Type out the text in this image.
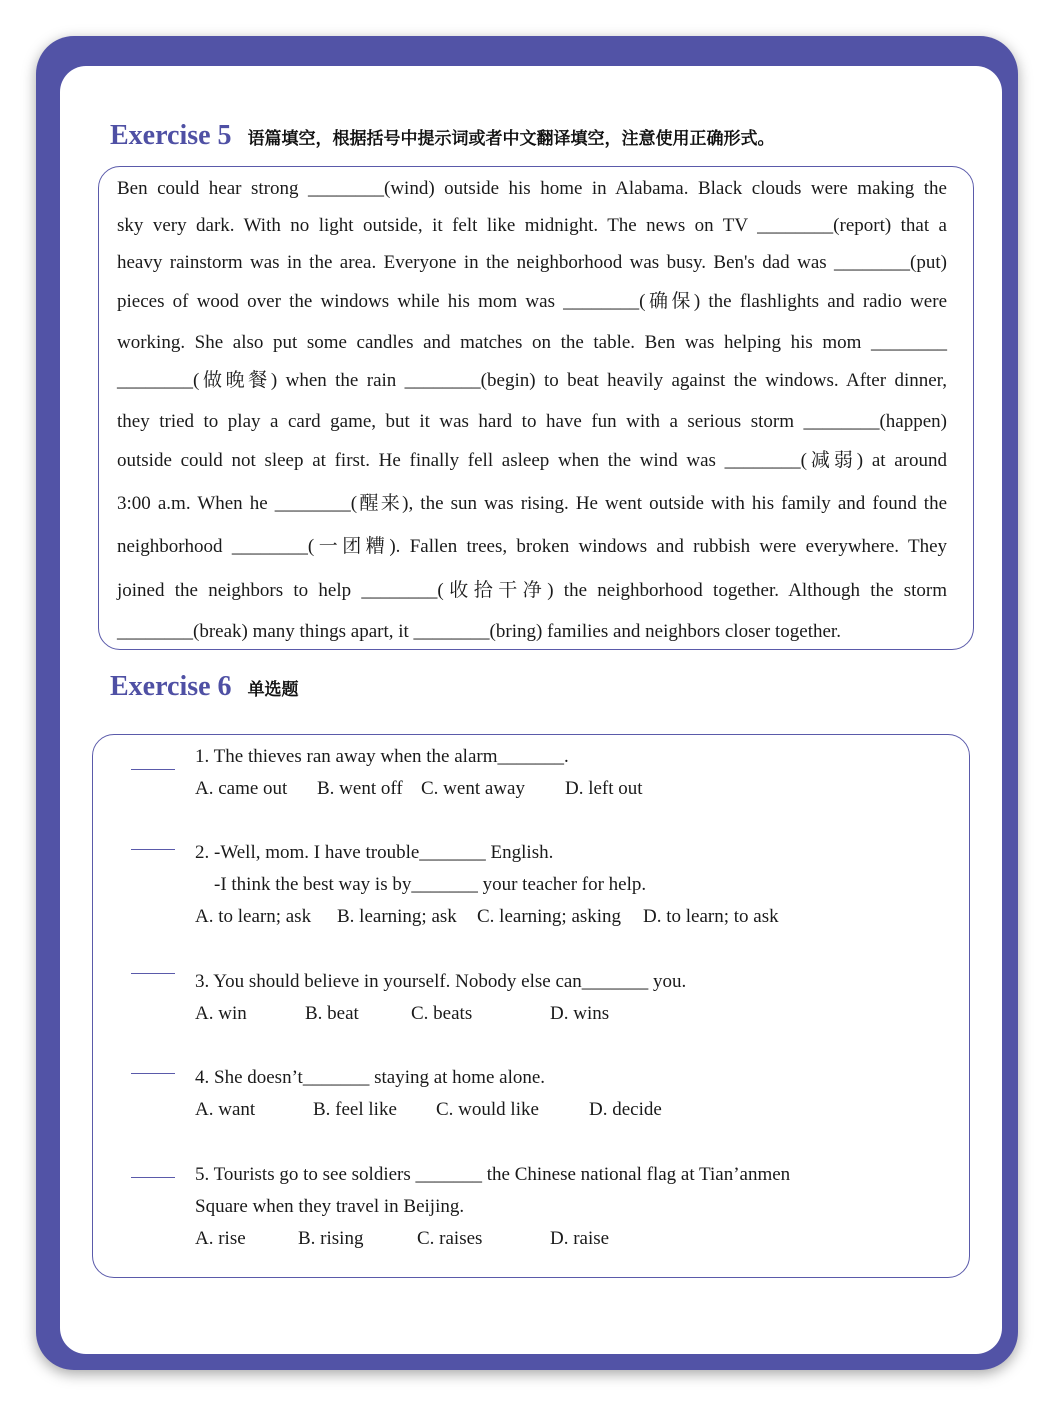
Exercise 5 语篇填空，根据括号中提示词或者中文翻译填空，注意使用正确形式。
Ben could hear strong ________(wind) outside his home in Alabama. Black clouds were making the
sky very dark. With no light outside, it felt like midnight. The news on TV ________(report) that a
heavy rainstorm was in the area. Everyone in the neighborhood was busy. Ben's dad was ________(put)
pieces of wood over the windows while his mom was ________(确保) the flashlights and radio were
working. She also put some candles and matches on the table. Ben was helping his mom ________
________(做晚餐) when the rain ________(begin) to beat heavily against the windows. After dinner,
they tried to play a card game, but it was hard to have fun with a serious storm ________(happen)
outside could not sleep at first. He finally fell asleep when the wind was ________(减弱) at around
3:00 a.m. When he ________(醒来), the sun was rising. He went outside with his family and found the
neighborhood ________(一团糟). Fallen trees, broken windows and rubbish were everywhere. They
joined the neighbors to help ________(收拾干净) the neighborhood together. Although the storm
________(break) many things apart, it ________(bring) families and neighbors closer together.
Exercise 6 单选题
1. The thieves ran away when the alarm_______.
A. came out B. went off C. went away D. left out
2. -Well, mom. I have trouble_______ English.
-I think the best way is by_______ your teacher for help.
A. to learn; ask B. learning; ask C. learning; asking D. to learn; to ask
3. You should believe in yourself. Nobody else can_______ you.
A. win	B. beat	C. beats	D. wins
4. She doesn’t_______ staying at home alone.
A. want	B. feel like C. would like	D. decide
5. Tourists go to see soldiers _______ the Chinese national flag at Tian’anmen
Square when they travel in Beijing.
A. rise	B. rising	C. raises	D. raise
